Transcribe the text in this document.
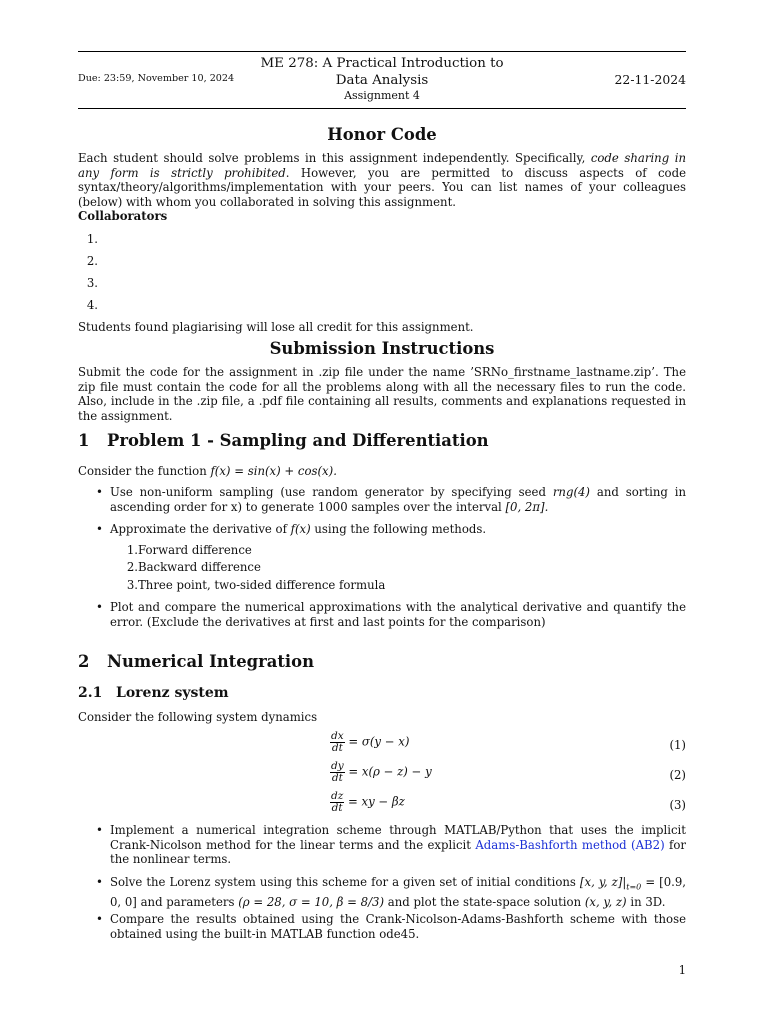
Due: 23:59, November 10, 2024
ME 278: A Practical Introduction to
Data Analysis
Assignment 4
22-11-2024
Honor Code
Each student should solve problems in this assignment independently. Specifically, code sharing in any form is strictly prohibited. However, you are permitted to discuss aspects of code syntax/theory/algorithms/implementation with your peers. You can list names of your colleagues (below) with whom you collaborated in solving this assignment.
Collaborators
1.
2.
3.
4.
Students found plagiarising will lose all credit for this assignment.
Submission Instructions
Submit the code for the assignment in .zip file under the name ’SRNo_firstname_lastname.zip’. The zip file must contain the code for all the problems along with all the necessary files to run the code. Also, include in the .zip file, a .pdf file containing all results, comments and explanations requested in the assignment.
1 Problem 1 - Sampling and Differentiation
Consider the function f(x) = sin(x) + cos(x).
• Use non-uniform sampling (use random generator by specifying seed rng(4) and sorting in ascending order for x) to generate 1000 samples over the interval [0, 2π].
• Approximate the derivative of f(x) using the following methods.
1. Forward difference
2. Backward difference
3. Three point, two-sided difference formula
• Plot and compare the numerical approximations with the analytical derivative and quantify the error. (Exclude the derivatives at first and last points for the comparison)
2 Numerical Integration
2.1 Lorenz system
Consider the following system dynamics
$\frac{dx}{dt} = \sigma(y - x)$	(1)
$\frac{dy}{dt} = x(\rho - z) - y$	(2)
$\frac{dz}{dt}$ = xy − βz	(3)
• Implement a numerical integration scheme through MATLAB/Python that uses the implicit Crank-Nicolson method for the linear terms and the explicit Adams-Bashforth method (AB2) for the nonlinear terms.
• Solve the Lorenz system using this scheme for a given set of initial conditions [x, y, $z]|_{t=0} = [0.9$, 0, 0] and parameters (ρ = 28, σ = 10, β = 8/3) and plot the state-space solution (x, y, z) in 3D.
• Compare the results obtained using the Crank-Nicolson-Adams-Bashforth scheme with those obtained using the built-in MATLAB function ode45.
1
